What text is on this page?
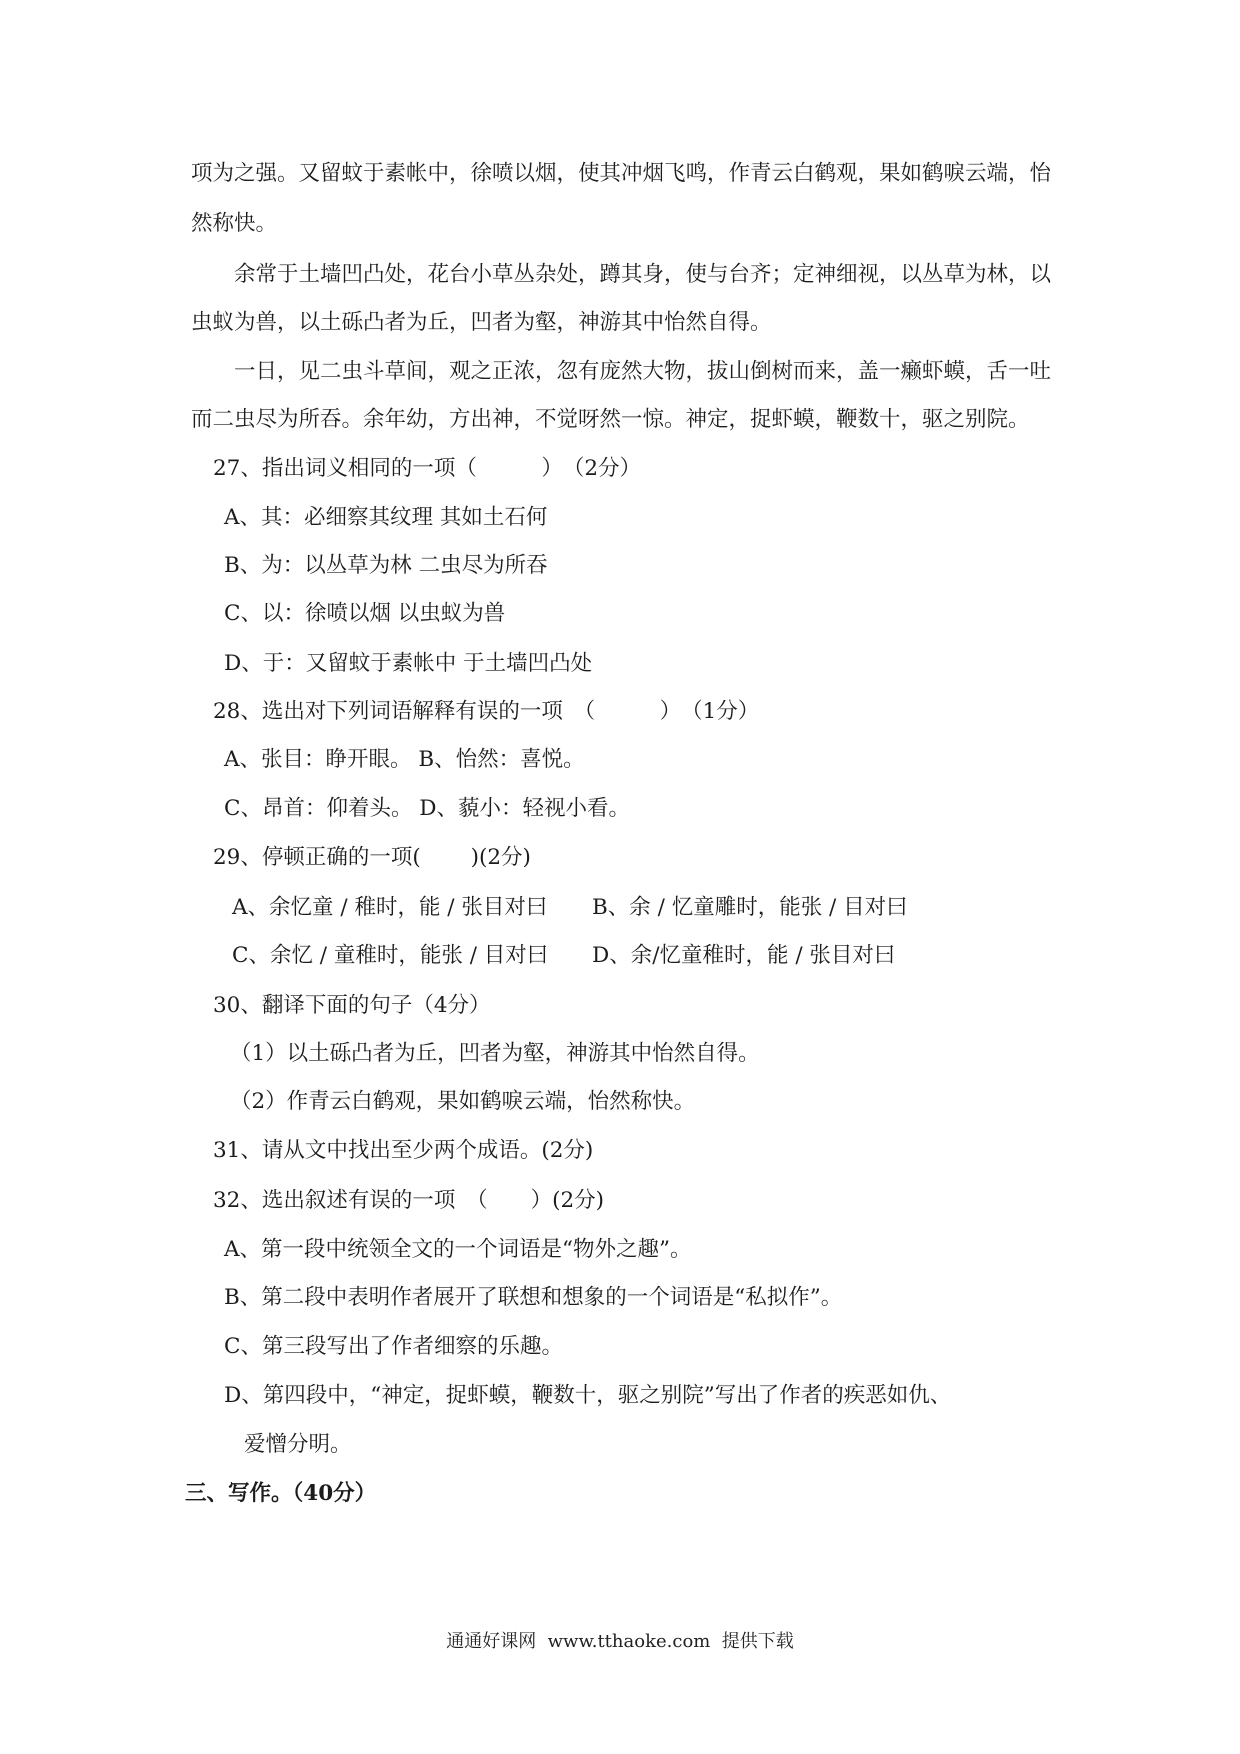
项为之强。又留蚊于素帐中，徐喷以烟，使其冲烟飞鸣，作青云白鹤观，果如鹤唳云端，怡
然称快。
余常于土墙凹凸处，花台小草丛杂处，蹲其身，使与台齐；定神细视，以丛草为林，以
虫蚁为兽，以土砾凸者为丘，凹者为壑，神游其中怡然自得。
一日，见二虫斗草间，观之正浓，忽有庞然大物，拔山倒树而来，盖一癞虾蟆，舌一吐
而二虫尽为所吞。余年幼，方出神，不觉呀然一惊。神定，捉虾蟆，鞭数十，驱之别院。
27、指出词义相同的一项（　　　）　（2分）
A、其：必细察其纹理 其如土石何
B、为：以丛草为林 二虫尽为所吞
C、以：徐喷以烟 以虫蚁为兽
D、于：又留蚊于素帐中 于土墙凹凸处
28、选出对下列词语解释有误的一项　（　　　）　（1分）
A、张目：睁开眼。 B、怡然：喜悦。
C、昂首：仰着头。 D、藐小：轻视小看。
29、停顿正确的一项(　　 )(2分)
A、余忆童 / 稚时，能 / 张目对曰 B、余 / 忆童雕时，能张 / 目对曰
C、余忆 / 童稚时，能张 / 目对曰 D、余/忆童稚时，能 / 张目对曰
30、翻译下面的句子（4分）
（1）以土砾凸者为丘，凹者为壑，神游其中怡然自得。
（2）作青云白鹤观，果如鹤唳云端，怡然称快。
31、请从文中找出至少两个成语。(2分)
32、选出叙述有误的一项　（　　）(2分)
A、第一段中统领全文的一个词语是“物外之趣”。
B、第二段中表明作者展开了联想和想象的一个词语是“私拟作”。
C、第三段写出了作者细察的乐趣。
D、第四段中，“神定，捉虾蟆，鞭数十，驱之别院”写出了作者的疾恶如仇、
爱憎分明。
三、写作。（40分）
通通好课网  www.tthaoke.com  提供下载
